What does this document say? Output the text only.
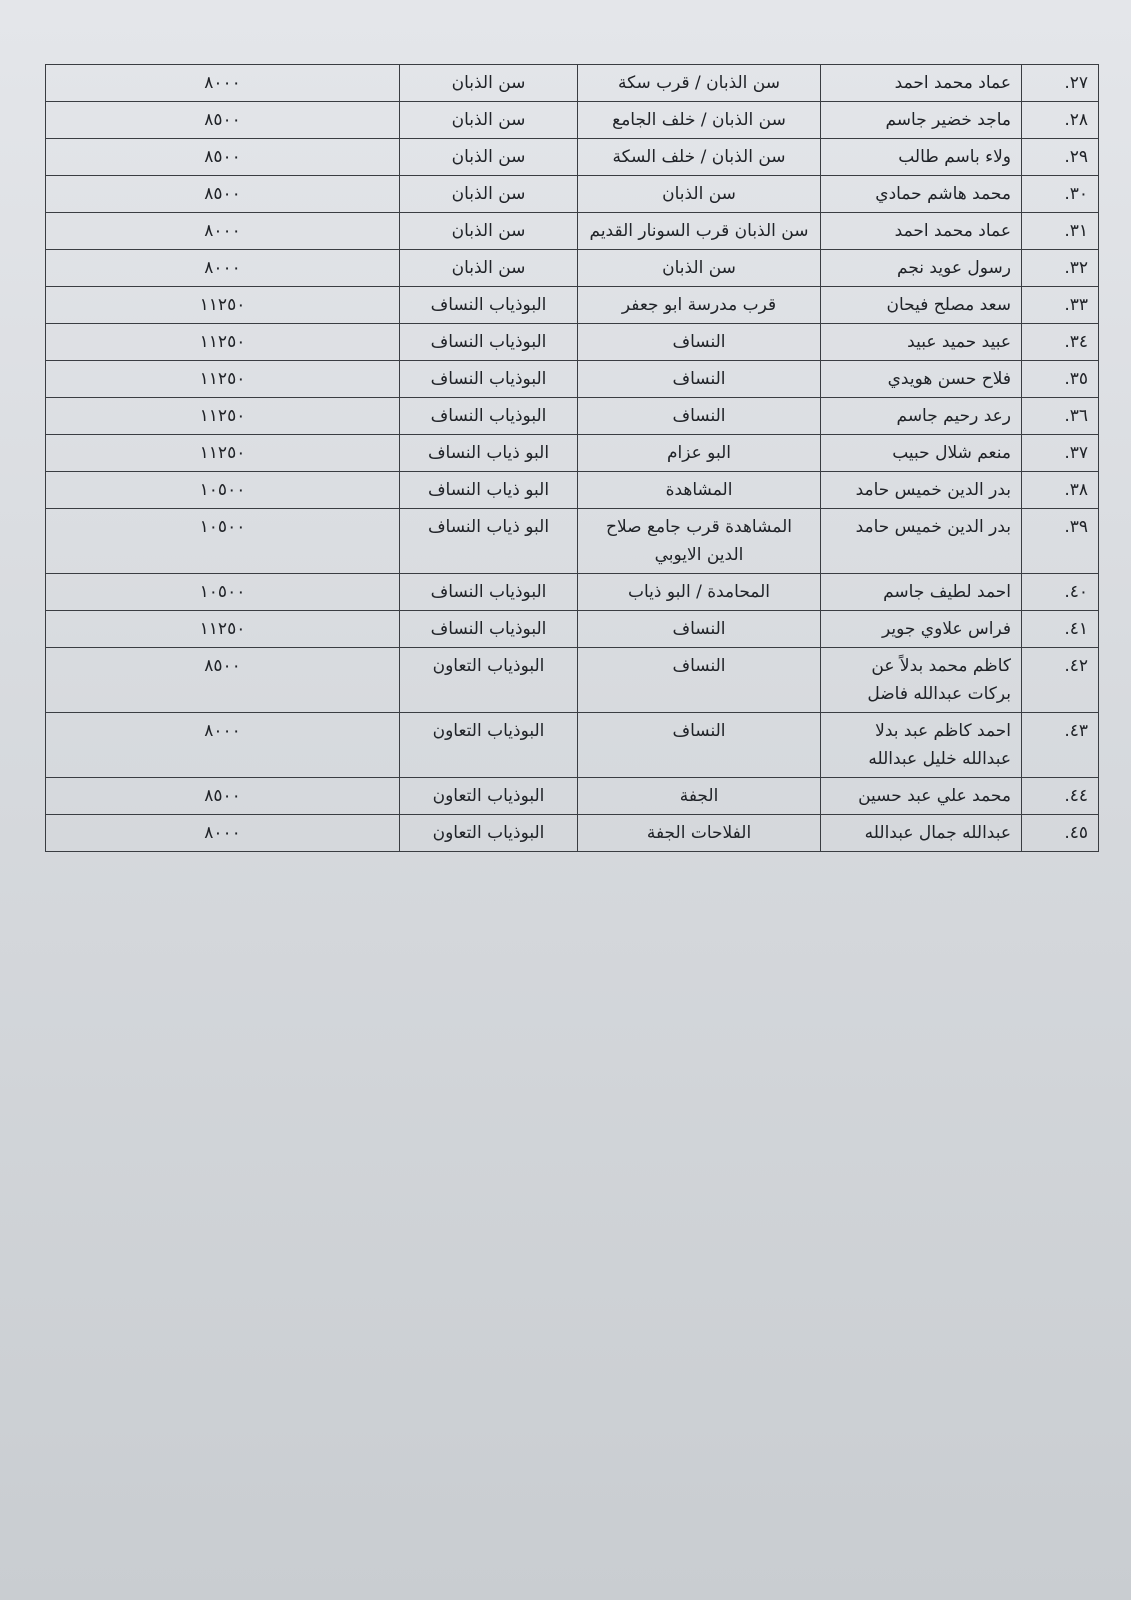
٢٧.	عماد محمد احمد	سن الذبان / قرب سكة	سن الذبان	٨٠٠٠
٢٨.	ماجد خضير جاسم	سن الذبان / خلف الجامع	سن الذبان	٨٥٠٠
٢٩.	ولاء باسم طالب	سن الذبان / خلف السكة	سن الذبان	٨٥٠٠
٣٠.	محمد هاشم حمادي	سن الذبان	سن الذبان	٨٥٠٠
٣١.	عماد محمد احمد	سن الذبان قرب السونار القديم	سن الذبان	٨٠٠٠
٣٢.	رسول عويد نجم	سن الذبان	سن الذبان	٨٠٠٠
٣٣.	سعد مصلح فيحان	قرب مدرسة ابو جعفر	البوذياب النساف	١١٢٥٠
٣٤.	عبيد حميد عبيد	النساف	البوذياب النساف	١١٢٥٠
٣٥.	فلاح حسن هويدي	النساف	البوذياب النساف	١١٢٥٠
٣٦.	رعد رحيم جاسم	النساف	البوذياب النساف	١١٢٥٠
٣٧.	منعم شلال حبيب	البو عزام	البو ذياب النساف	١١٢٥٠
٣٨.	بدر الدين خميس حامد	المشاهدة	البو ذياب النساف	١٠٥٠٠
٣٩.	بدر الدين خميس حامد	المشاهدة قرب جامع صلاح الدين الايوبي	البو ذياب النساف	١٠٥٠٠
٤٠.	احمد لطيف جاسم	المحامدة / البو ذياب	البوذياب النساف	١٠٥٠٠
٤١.	فراس علاوي جوير	النساف	البوذياب النساف	١١٢٥٠
٤٢.	كاظم محمد بدلاً عن بركات عبدالله فاضل	النساف	البوذياب التعاون	٨٥٠٠
٤٣.	احمد كاظم عبد بدلا عبدالله خليل عبدالله	النساف	البوذياب التعاون	٨٠٠٠
٤٤.	محمد علي عبد حسين	الجفة	البوذياب التعاون	٨٥٠٠
٤٥.	عبدالله جمال عبدالله	الفلاحات الجفة	البوذياب التعاون	٨٠٠٠
